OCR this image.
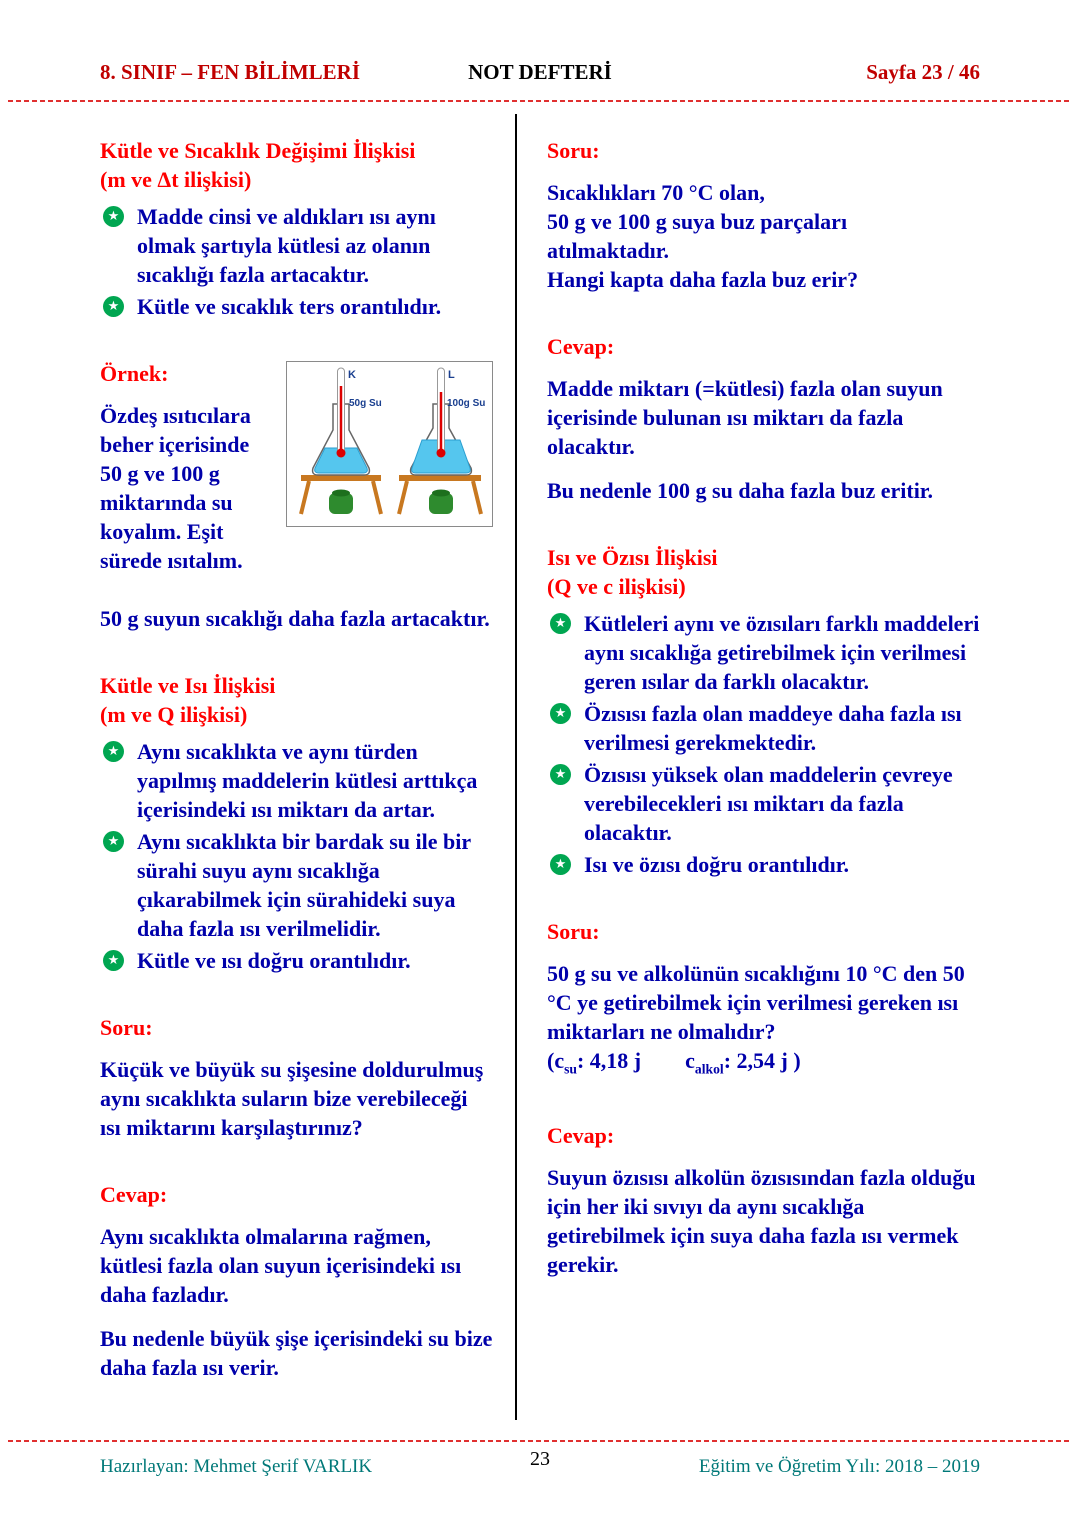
8. SINIF – FEN BİLİMLERİ	NOT DEFTERİ	Sayfa 23 / 46
Kütle ve Sıcaklık Değişimi İlişkisi
(m ve Δt ilişkisi)
★ Madde cinsi ve aldıkları ısı aynı olmak şartıyla kütlesi az olanın sıcaklığı fazla artacaktır.
★ Kütle ve sıcaklık ters orantılıdır.
K
50g Su
L
100g Su
Örnek:

Özdeş ısıtıcılara beher içerisinde 50 g ve 100 g miktarında su koyalım. Eşit sürede ısıtalım.

50 g suyun sıcaklığı daha fazla artacaktır.

Kütle ve Isı İlişkisi
(m ve Q ilişkisi)
★ Aynı sıcaklıkta ve aynı türden yapılmış maddelerin kütlesi arttıkça içerisindeki ısı miktarı da artar.
★ Aynı sıcaklıkta bir bardak su ile bir sürahi suyu aynı sıcaklığa çıkarabilmek için sürahideki suya daha fazla ısı verilmelidir.
★ Kütle ve ısı doğru orantılıdır.
Soru:

Küçük ve büyük su şişesine doldurulmuş aynı sıcaklıkta suların bize verebileceği ısı miktarını karşılaştırınız?

Cevap:

Aynı sıcaklıkta olmalarına rağmen, kütlesi fazla olan suyun içerisindeki ısı daha fazladır.

Bu nedenle büyük şişe içerisindeki su bize daha fazla ısı verir.

Soru:
Sıcaklıkları 70 °C olan,
50 g ve 100 g suya buz parçaları
atılmaktadır.
Hangi kapta daha fazla buz erir?
Cevap:

Madde miktarı (=kütlesi) fazla olan suyun içerisinde bulunan ısı miktarı da fazla olacaktır.

Bu nedenle 100 g su daha fazla buz eritir.

Isı ve Özısı İlişkisi
(Q ve c ilişkisi)
★ Kütleleri aynı ve özısıları farklı maddeleri aynı sıcaklığa getirebilmek için verilmesi geren ısılar da farklı olacaktır.
★ Özısısı fazla olan maddeye daha fazla ısı verilmesi gerekmektedir.
★ Özısısı yüksek olan maddelerin çevreye verebilecekleri ısı miktarı da fazla olacaktır.
★ Isı ve özısı doğru orantılıdır.
Soru:
50 g su ve alkolünün sıcaklığını 10 °C den 50 °C ye getirebilmek için verilmesi gereken ısı miktarları ne olmalıdır?
($c_{su}$: 4,18 j $c_{alkol}$: 2,54 j )
Cevap:

Suyun özısısı alkolün özısısından fazla olduğu için her iki sıvıyı da aynı sıcaklığa getirebilmek için suya daha fazla ısı vermek gerekir.

Hazırlayan: Mehmet Şerif VARLIK	23	Eğitim ve Öğretim Yılı: 2018 – 2019
